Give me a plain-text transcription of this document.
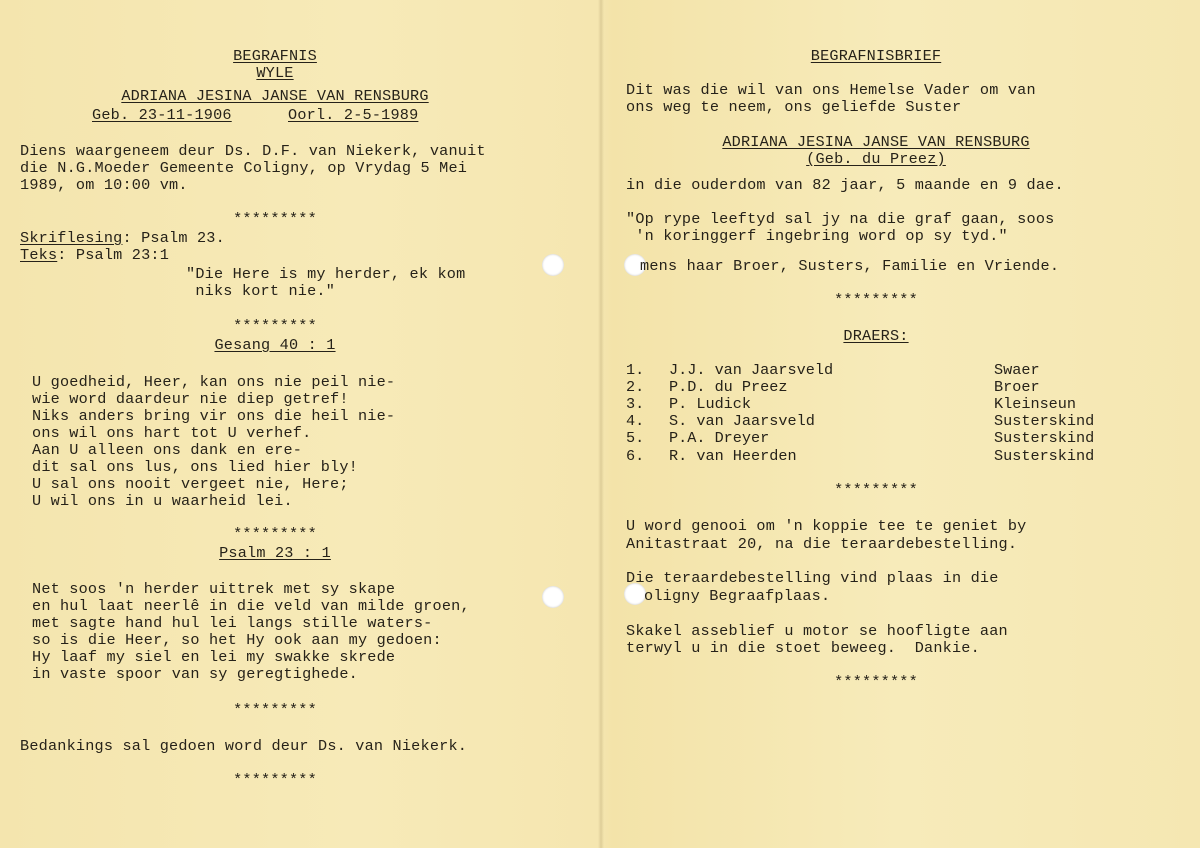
BEGRAFNIS

WYLE

ADRIANA JESINA JANSE VAN RENSBURG

Geb. 23-11-1906	Oorl. 2-5-1989

Diens waargeneem deur Ds. D.F. van Niekerk, vanuit

die N.G.Moeder Gemeente Coligny, op Vrydag 5 Mei

1989, om 10:00 vm.

*********

Skriflesing: Psalm 23.

Teks: Psalm 23:1

"Die Here is my herder, ek kom

niks kort nie."

*********

Gesang 40 : 1

U goedheid, Heer, kan ons nie peil nie-

wie word daardeur nie diep getref!

Niks anders bring vir ons die heil nie-

ons wil ons hart tot U verhef.

Aan U alleen ons dank en ere-

dit sal ons lus, ons lied hier bly!

U sal ons nooit vergeet nie, Here;

U wil ons in u waarheid lei.

*********

Psalm 23 : 1

Net soos 'n herder uittrek met sy skape

en hul laat neerlê in die veld van milde groen,

met sagte hand hul lei langs stille waters-

so is die Heer, so het Hy ook aan my gedoen:

Hy laaf my siel en lei my swakke skrede

in vaste spoor van sy geregtighede.

*********

Bedankings sal gedoen word deur Ds. van Niekerk.

*********

BEGRAFNISBRIEF

Dit was die wil van ons Hemelse Vader om van

ons weg te neem, ons geliefde Suster

ADRIANA JESINA JANSE VAN RENSBURG

(Geb. du Preez)

in die ouderdom van 82 jaar, 5 maande en 9 dae.

"Op rype leeftyd sal jy na die graf gaan, soos

'n koringgerf ingebring word op sy tyd."

mens haar Broer, Susters, Familie en Vriende.

*********

DRAERS:

1. J.J. van Jaarsveld	Swaer
2. P.D. du Preez	Broer
3. P. Ludick	Kleinseun
4. S. van Jaarsveld	Susterskind
5. P.A. Dreyer	Susterskind
6. R. van Heerden	Susterskind

*********

U word genooi om 'n koppie tee te geniet by

Anitastraat 20, na die teraardebestelling.

Die teraardebestelling vind plaas in die

oligny Begraafplaas.

Skakel asseblief u motor se hoofligte aan

terwyl u in die stoet beweeg.  Dankie.

*********
